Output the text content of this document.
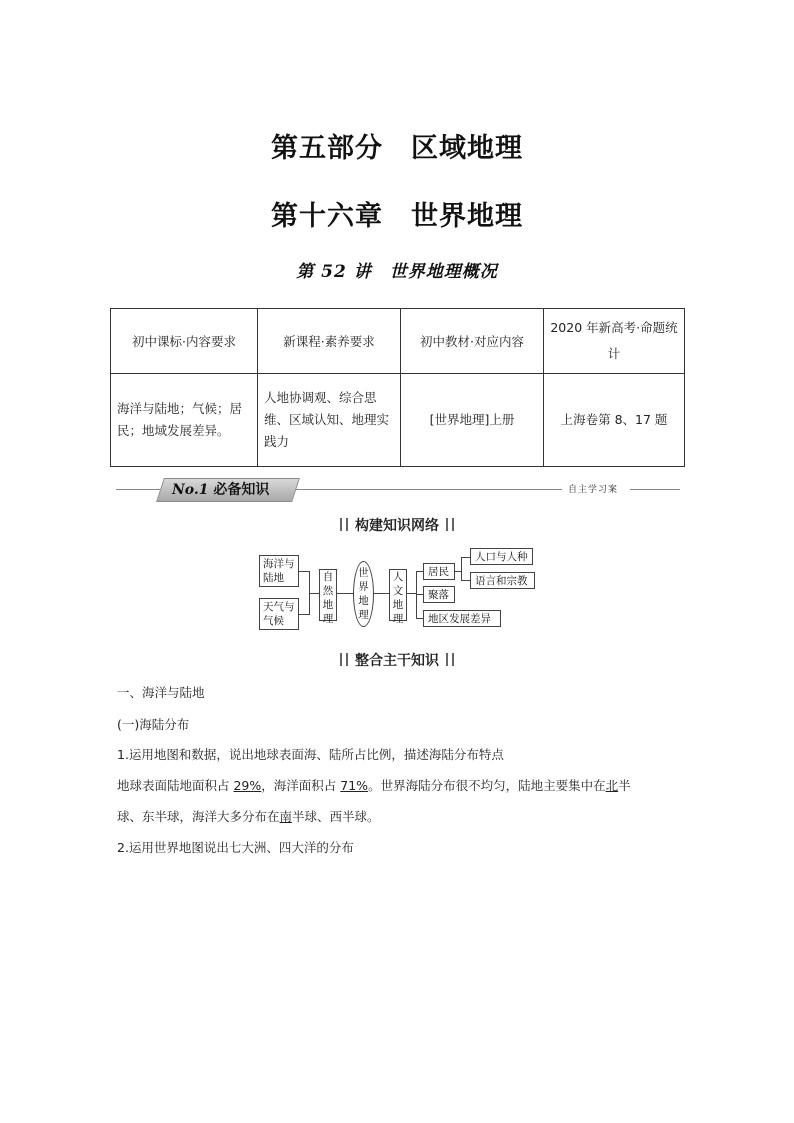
第五部分　区域地理
第十六章　世界地理
第 52 讲　世界地理概况
初中课标·内容要求	新课程·素养要求	初中教材·对应内容	2020 年新高考·命题统计
海洋与陆地；气候；居民；地域发展差异。	人地协调观、综合思维、区域认知、地理实践力	[世界地理]上册	上海卷第 8、17 题
No.1 必备知识	自主学习案
构建知识网络
海洋与陆地
天气与气候
自然地理
世界地理
人文地理
居民
聚落
地区发展差异
人口与人种
语言和宗教
整合主干知识
一、海洋与陆地
(一)海陆分布
1.运用地图和数据，说出地球表面海、陆所占比例，描述海陆分布特点
地球表面陆地面积占 29%，海洋面积占 71%。世界海陆分布很不均匀，陆地主要集中在北半
球、东半球，海洋大多分布在南半球、西半球。
2.运用世界地图说出七大洲、四大洋的分布
